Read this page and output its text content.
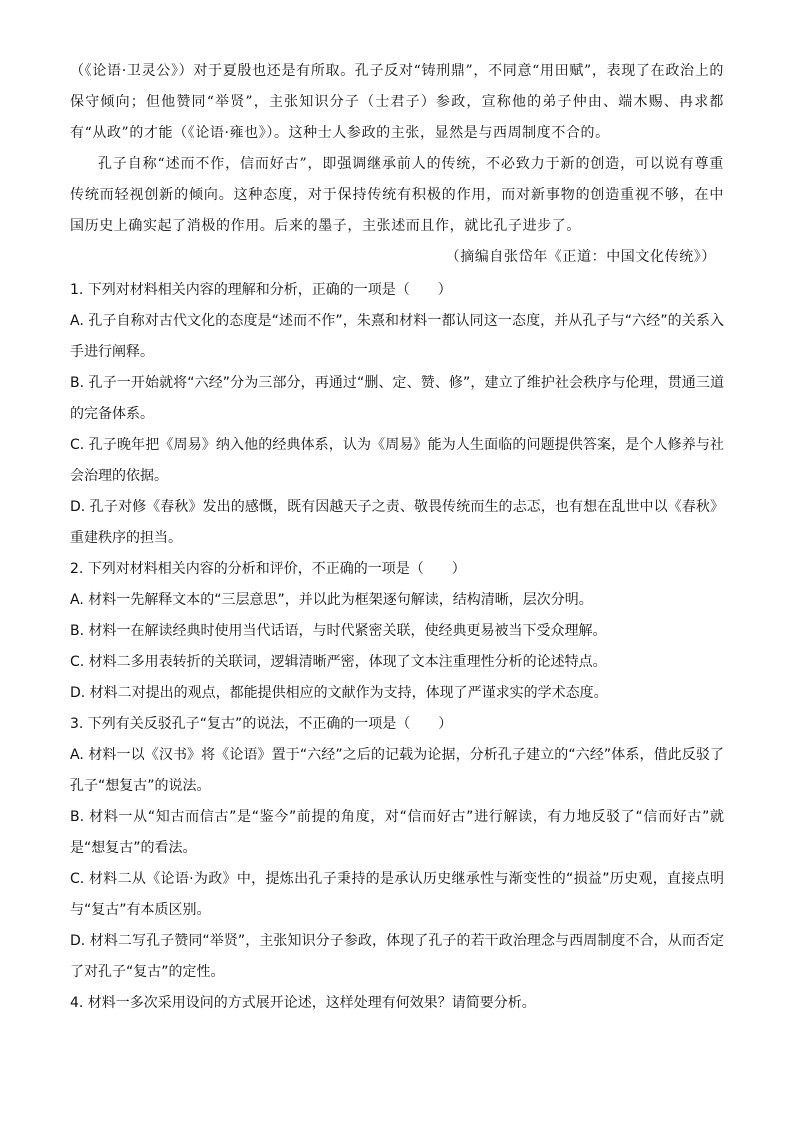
（《论语·卫灵公》）对于夏殷也还是有所取。孔子反对“铸刑鼎”，不同意“用田赋”，表现了在政治上的保守倾向；但他赞同“举贤”，主张知识分子（士君子）参政，宣称他的弟子仲由、端木赐、冉求都有“从政”的才能（《论语·雍也》）。这种士人参政的主张，显然是与西周制度不合的。

孔子自称“述而不作，信而好古”，即强调继承前人的传统，不必致力于新的创造，可以说有尊重传统而轻视创新的倾向。这种态度，对于保持传统有积极的作用，而对新事物的创造重视不够，在中国历史上确实起了消极的作用。后来的墨子，主张述而且作，就比孔子进步了。

（摘编自张岱年《正道：中国文化传统》）

1. 下列对材料相关内容的理解和分析，正确的一项是（　　）

A. 孔子自称对古代文化的态度是“述而不作”，朱熹和材料一都认同这一态度，并从孔子与“六经”的关系入手进行阐释。

B. 孔子一开始就将“六经”分为三部分，再通过“删、定、赞、修”，建立了维护社会秩序与伦理，贯通三道的完备体系。

C. 孔子晚年把《周易》纳入他的经典体系，认为《周易》能为人生面临的问题提供答案，是个人修养与社会治理的依据。

D. 孔子对修《春秋》发出的感慨，既有因越天子之责、敬畏传统而生的忐忑，也有想在乱世中以《春秋》重建秩序的担当。

2. 下列对材料相关内容的分析和评价，不正确的一项是（　　）

A. 材料一先解释文本的“三层意思”，并以此为框架逐句解读，结构清晰，层次分明。

B. 材料一在解读经典时使用当代话语，与时代紧密关联，使经典更易被当下受众理解。

C. 材料二多用表转折的关联词，逻辑清晰严密，体现了文本注重理性分析的论述特点。

D. 材料二对提出的观点，都能提供相应的文献作为支持，体现了严谨求实的学术态度。

3. 下列有关反驳孔子“复古”的说法，不正确的一项是（　　）

A. 材料一以《汉书》将《论语》置于“六经”之后的记载为论据，分析孔子建立的“六经”体系，借此反驳了孔子“想复古”的说法。

B. 材料一从“知古而信古”是“鉴今”前提的角度，对“信而好古”进行解读，有力地反驳了“信而好古”就是“想复古”的看法。

C. 材料二从《论语·为政》中，提炼出孔子秉持的是承认历史继承性与渐变性的“损益”历史观，直接点明与“复古”有本质区别。

D. 材料二写孔子赞同“举贤”，主张知识分子参政，体现了孔子的若干政治理念与西周制度不合，从而否定了对孔子“复古”的定性。

4. 材料一多次采用设问的方式展开论述，这样处理有何效果？请简要分析。
